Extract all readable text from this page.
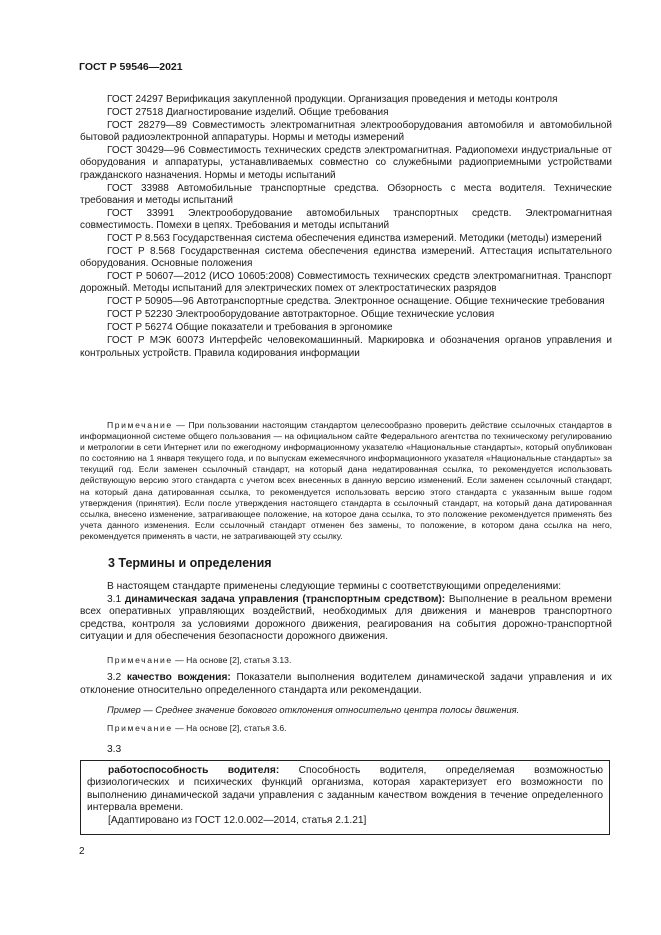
ГОСТ Р 59546—2021

ГОСТ 24297 Верификация закупленной продукции. Организация проведения и методы контроля

ГОСТ 27518 Диагностирование изделий. Общие требования

ГОСТ 28279—89 Совместимость электромагнитная электрооборудования автомобиля и автомобильной бытовой радиоэлектронной аппаратуры. Нормы и методы измерений

ГОСТ 30429—96 Совместимость технических средств электромагнитная. Радиопомехи индустриальные от оборудования и аппаратуры, устанавливаемых совместно со служебными радиоприемными устройствами гражданского назначения. Нормы и методы испытаний

ГОСТ 33988 Автомобильные транспортные средства. Обзорность с места водителя. Технические требования и методы испытаний

ГОСТ 33991 Электрооборудование автомобильных транспортных средств. Электромагнитная совместимость. Помехи в цепях. Требования и методы испытаний

ГОСТ Р 8.563 Государственная система обеспечения единства измерений. Методики (методы) измерений

ГОСТ Р 8.568 Государственная система обеспечения единства измерений. Аттестация испытательного оборудования. Основные положения

ГОСТ Р 50607—2012 (ИСО 10605:2008) Совместимость технических средств электромагнитная. Транспорт дорожный. Методы испытаний для электрических помех от электростатических разрядов

ГОСТ Р 50905—96 Автотранспортные средства. Электронное оснащение. Общие технические требования

ГОСТ Р 52230 Электрооборудование автотракторное. Общие технические условия

ГОСТ Р 56274 Общие показатели и требования в эргономике

ГОСТ Р МЭК 60073 Интерфейс человекомашинный. Маркировка и обозначения органов управления и контрольных устройств. Правила кодирования информации

Примечание — При пользовании настоящим стандартом целесообразно проверить действие ссылочных стандартов в информационной системе общего пользования — на официальном сайте Федерального агентства по техническому регулированию и метрологии в сети Интернет или по ежегодному информационному указателю «Национальные стандарты», который опубликован по состоянию на 1 января текущего года, и по выпускам ежемесячного информационного указателя «Национальные стандарты» за текущий год. Если заменен ссылочный стандарт, на который дана недатированная ссылка, то рекомендуется использовать действующую версию этого стандарта с учетом всех внесенных в данную версию изменений. Если заменен ссылочный стандарт, на который дана датированная ссылка, то рекомендуется использовать версию этого стандарта с указанным выше годом утверждения (принятия). Если после утверждения настоящего стандарта в ссылочный стандарт, на который дана датированная ссылка, внесено изменение, затрагивающее положение, на которое дана ссылка, то это положение рекомендуется применять без учета данного изменения. Если ссылочный стандарт отменен без замены, то положение, в котором дана ссылка на него, рекомендуется применять в части, не затрагивающей эту ссылку.

3 Термины и определения

В настоящем стандарте применены следующие термины с соответствующими определениями:

3.1 динамическая задача управления (транспортным средством): Выполнение в реальном времени всех оперативных управляющих воздействий, необходимых для движения и маневров транспортного средства, контроля за условиями дорожного движения, реагирования на события дорожно-транспортной ситуации и для обеспечения безопасности дорожного движения.

Примечание — На основе [2], статья 3.13.

3.2 качество вождения: Показатели выполнения водителем динамической задачи управления и их отклонение относительно определенного стандарта или рекомендации.

Пример — Среднее значение бокового отклонения относительно центра полосы движения.
Примечание — На основе [2], статья 3.6.
3.3

работоспособность водителя: Способность водителя, определяемая возможностью физиологических и психических функций организма, которая характеризует его возможности по выполнению динамической задачи управления с заданным качеством вождения в течение определенного интервала времени.

[Адаптировано из ГОСТ 12.0.002—2014, статья 2.1.21]

2
